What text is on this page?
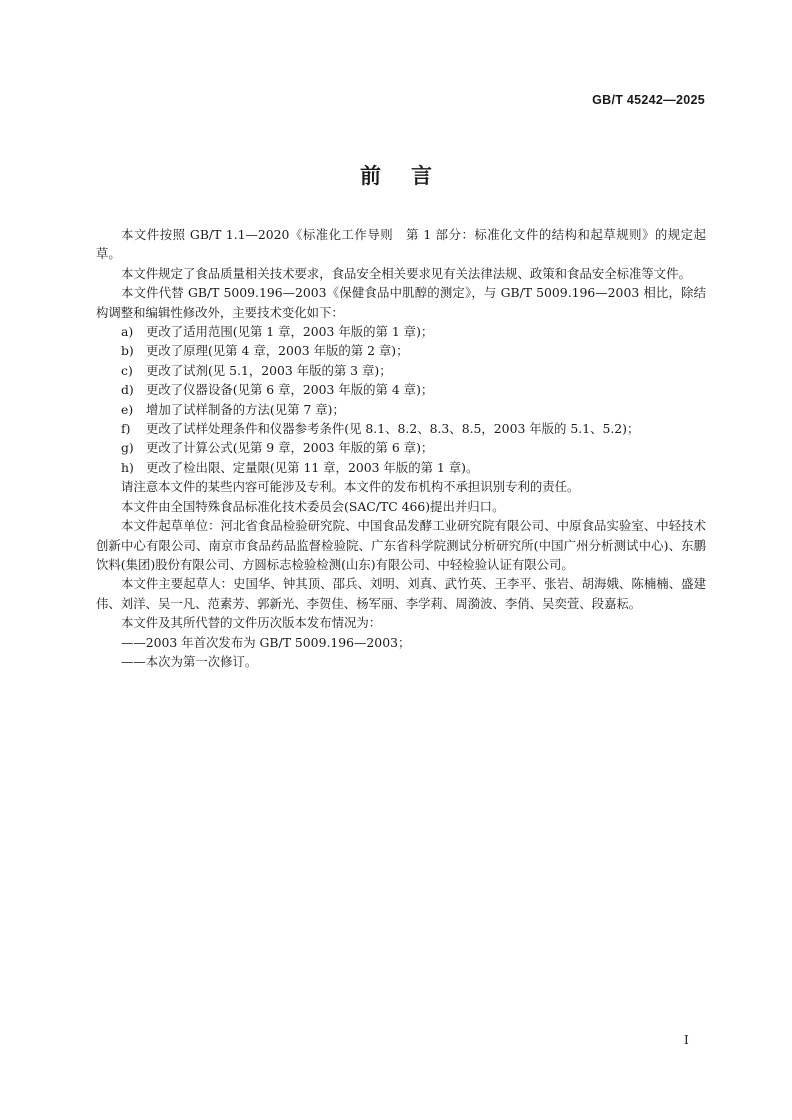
GB/T 45242—2025
前言

本文件按照 GB/T 1.1—2020《标准化工作导则　第 1 部分：标准化文件的结构和起草规则》的规定起草。

本文件规定了食品质量相关技术要求，食品安全相关要求见有关法律法规、政策和食品安全标准等文件。

本文件代替 GB/T 5009.196—2003《保健食品中肌醇的测定》，与 GB/T 5009.196—2003 相比，除结构调整和编辑性修改外，主要技术变化如下：

a) 更改了适用范围(见第 1 章，2003 年版的第 1 章)；

b) 更改了原理(见第 4 章，2003 年版的第 2 章)；

c) 更改了试剂(见 5.1，2003 年版的第 3 章)；

d) 更改了仪器设备(见第 6 章，2003 年版的第 4 章)；

e) 增加了试样制备的方法(见第 7 章)；

f) 更改了试样处理条件和仪器参考条件(见 8.1、8.2、8.3、8.5，2003 年版的 5.1、5.2)；

g) 更改了计算公式(见第 9 章，2003 年版的第 6 章)；

h) 更改了检出限、定量限(见第 11 章，2003 年版的第 1 章)。

请注意本文件的某些内容可能涉及专利。本文件的发布机构不承担识别专利的责任。

本文件由全国特殊食品标准化技术委员会(SAC/TC 466)提出并归口。

本文件起草单位：河北省食品检验研究院、中国食品发酵工业研究院有限公司、中原食品实验室、中轻技术创新中心有限公司、南京市食品药品监督检验院、广东省科学院测试分析研究所(中国广州分析测试中心)、东鹏饮料(集团)股份有限公司、方圆标志检验检测(山东)有限公司、中轻检验认证有限公司。

本文件主要起草人：史国华、钟其顶、邵兵、刘明、刘真、武竹英、王李平、张岩、胡海娥、陈楠楠、盛建伟、刘洋、吴一凡、范素芳、郭新光、李贺佳、杨军丽、李学莉、周漪波、李俏、吴奕萱、段嘉耘。

本文件及其所代替的文件历次版本发布情况为：

——2003 年首次发布为 GB/T 5009.196—2003；

——本次为第一次修订。

I
